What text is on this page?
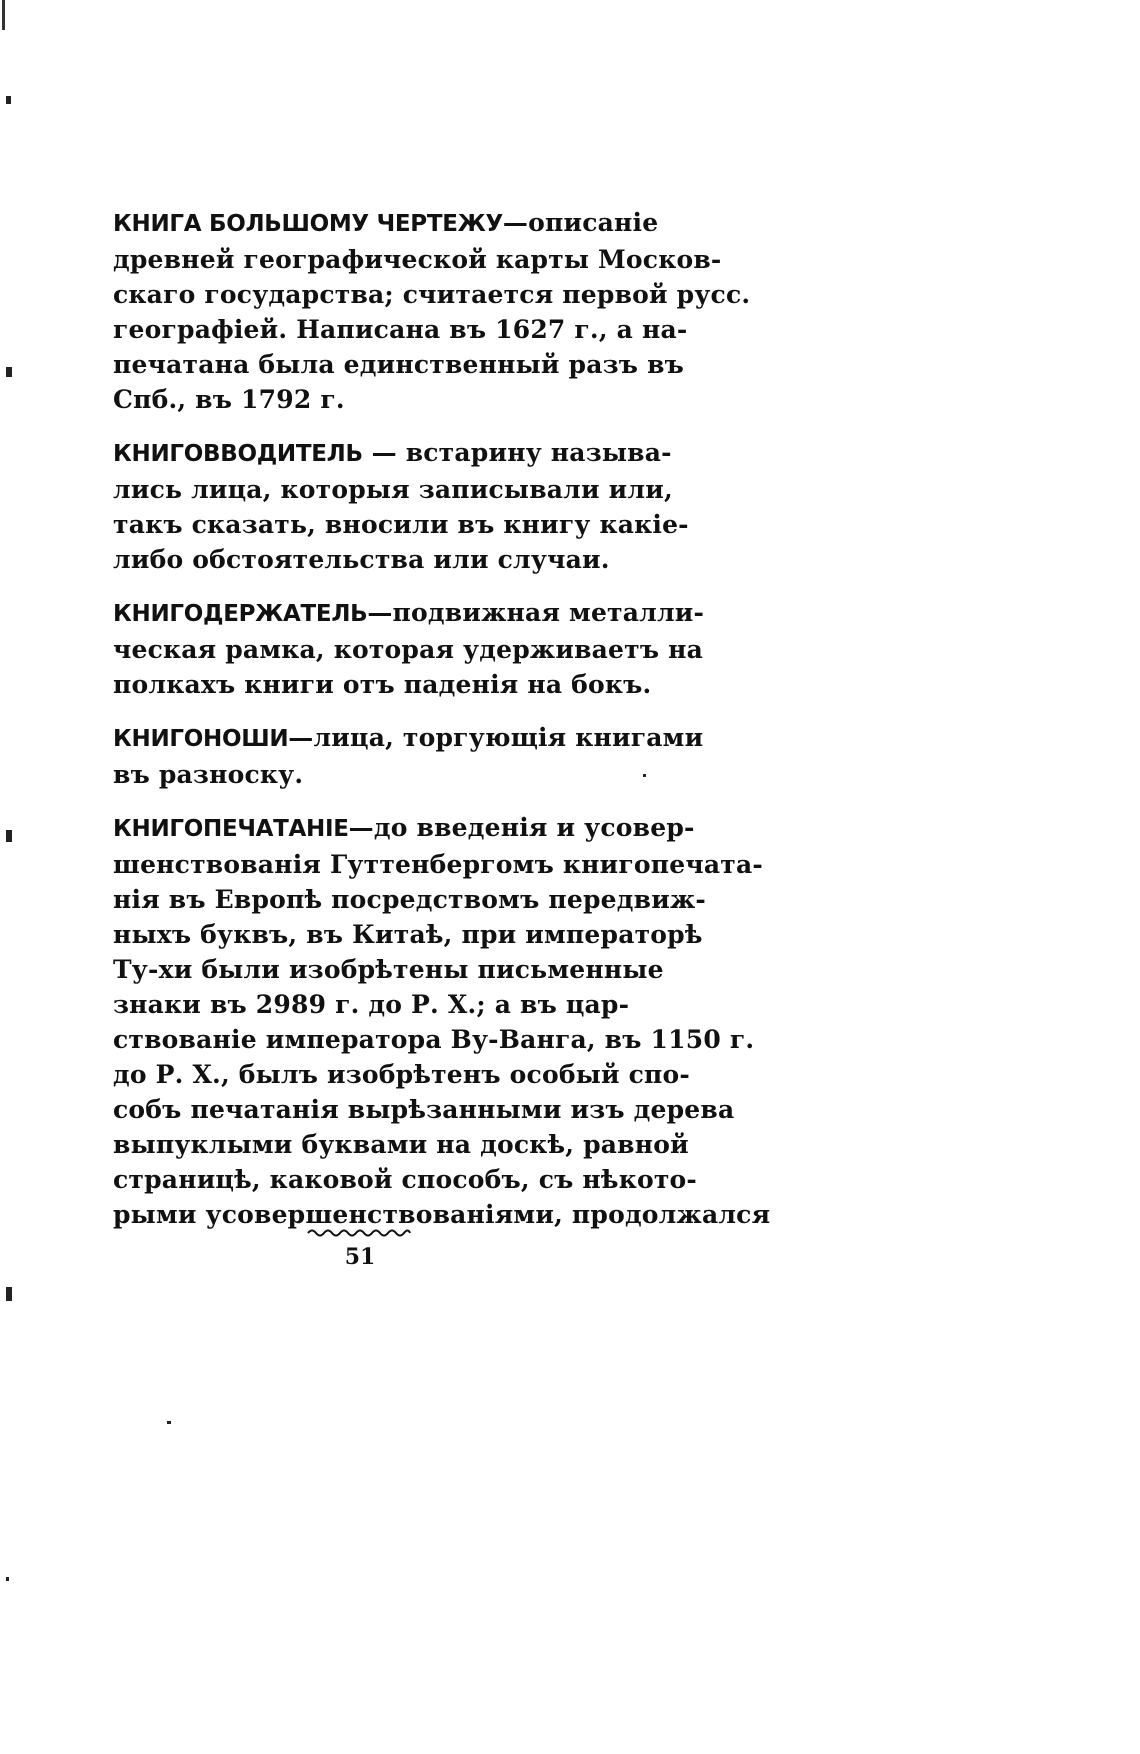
КНИГА БОЛЬШОМУ ЧЕРТЕЖУ—описаніе
древней географической карты Москов-
скаго государства; считается первой русс.
географіей. Написана въ 1627 г., а на-
печатана была единственный разъ въ
Спб., въ 1792 г.
КНИГОВВОДИТЕЛЬ — встарину называ-
лись лица, которыя записывали или,
такъ сказать, вносили въ книгу какіе-
либо обстоятельства или случаи.
КНИГОДЕРЖАТЕЛЬ—подвижная металли-
ческая рамка, которая удерживаетъ на
полкахъ книги отъ паденія на бокъ.
КНИГОНОШИ—лица, торгующія книгами
въ разноску.
КНИГОПЕЧАТАНІЕ—до введенія и усовер-
шенствованія Гуттенбергомъ книгопечата-
нія въ Европѣ посредствомъ передвиж-
ныхъ буквъ, въ Китаѣ, при императорѣ
Ту-хи были изобрѣтены письменные
знаки въ 2989 г. до Р. Х.; а въ цар-
ствованіе императора Ву-Ванга, въ 1150 г.
до Р. Х., былъ изобрѣтенъ особый спо-
собъ печатанія вырѣзанными изъ дерева
выпуклыми буквами на доскѣ, равной
страницѣ, каковой способъ, съ нѣкото-
рыми усовершенствованіями, продолжался
51
